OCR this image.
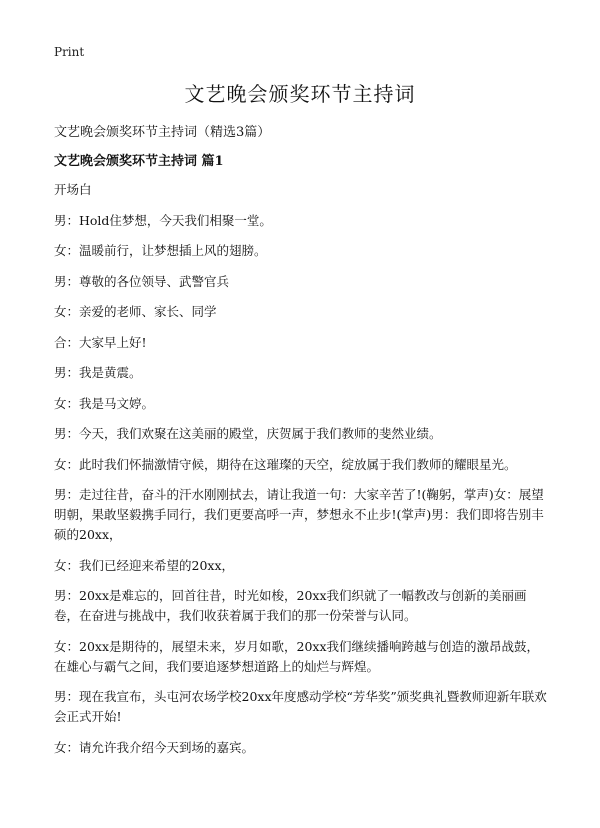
Print
文艺晚会颁奖环节主持词
文艺晚会颁奖环节主持词（精选3篇）
文艺晚会颁奖环节主持词 篇1

开场白

男：Hold住梦想，今天我们相聚一堂。

女：温暖前行，让梦想插上风的翅膀。

男：尊敬的各位领导、武警官兵

女：亲爱的老师、家长、同学

合：大家早上好!

男：我是黄震。

女：我是马文婷。

男：今天，我们欢聚在这美丽的殿堂，庆贺属于我们教师的斐然业绩。

女：此时我们怀揣激情守候，期待在这璀璨的天空，绽放属于我们教师的耀眼星光。

男：走过往昔，奋斗的汗水刚刚拭去，请让我道一句：大家辛苦了!(鞠躬，掌声)女：展望明朝，果敢坚毅携手同行，我们更要高呼一声，梦想永不止步!(掌声)男：我们即将告别丰硕的20xx，

女：我们已经迎来希望的20xx，

男：20xx是难忘的，回首往昔，时光如梭，20xx我们织就了一幅教改与创新的美丽画卷，在奋进与挑战中，我们收获着属于我们的那一份荣誉与认同。

女：20xx是期待的，展望未来，岁月如歌，20xx我们继续播响跨越与创造的激昂战鼓，在雄心与霸气之间，我们要追逐梦想道路上的灿烂与辉煌。

男：现在我宣布，头屯河农场学校20xx年度感动学校“芳华奖”颁奖典礼暨教师迎新年联欢会正式开始!

女：请允许我介绍今天到场的嘉宾。
